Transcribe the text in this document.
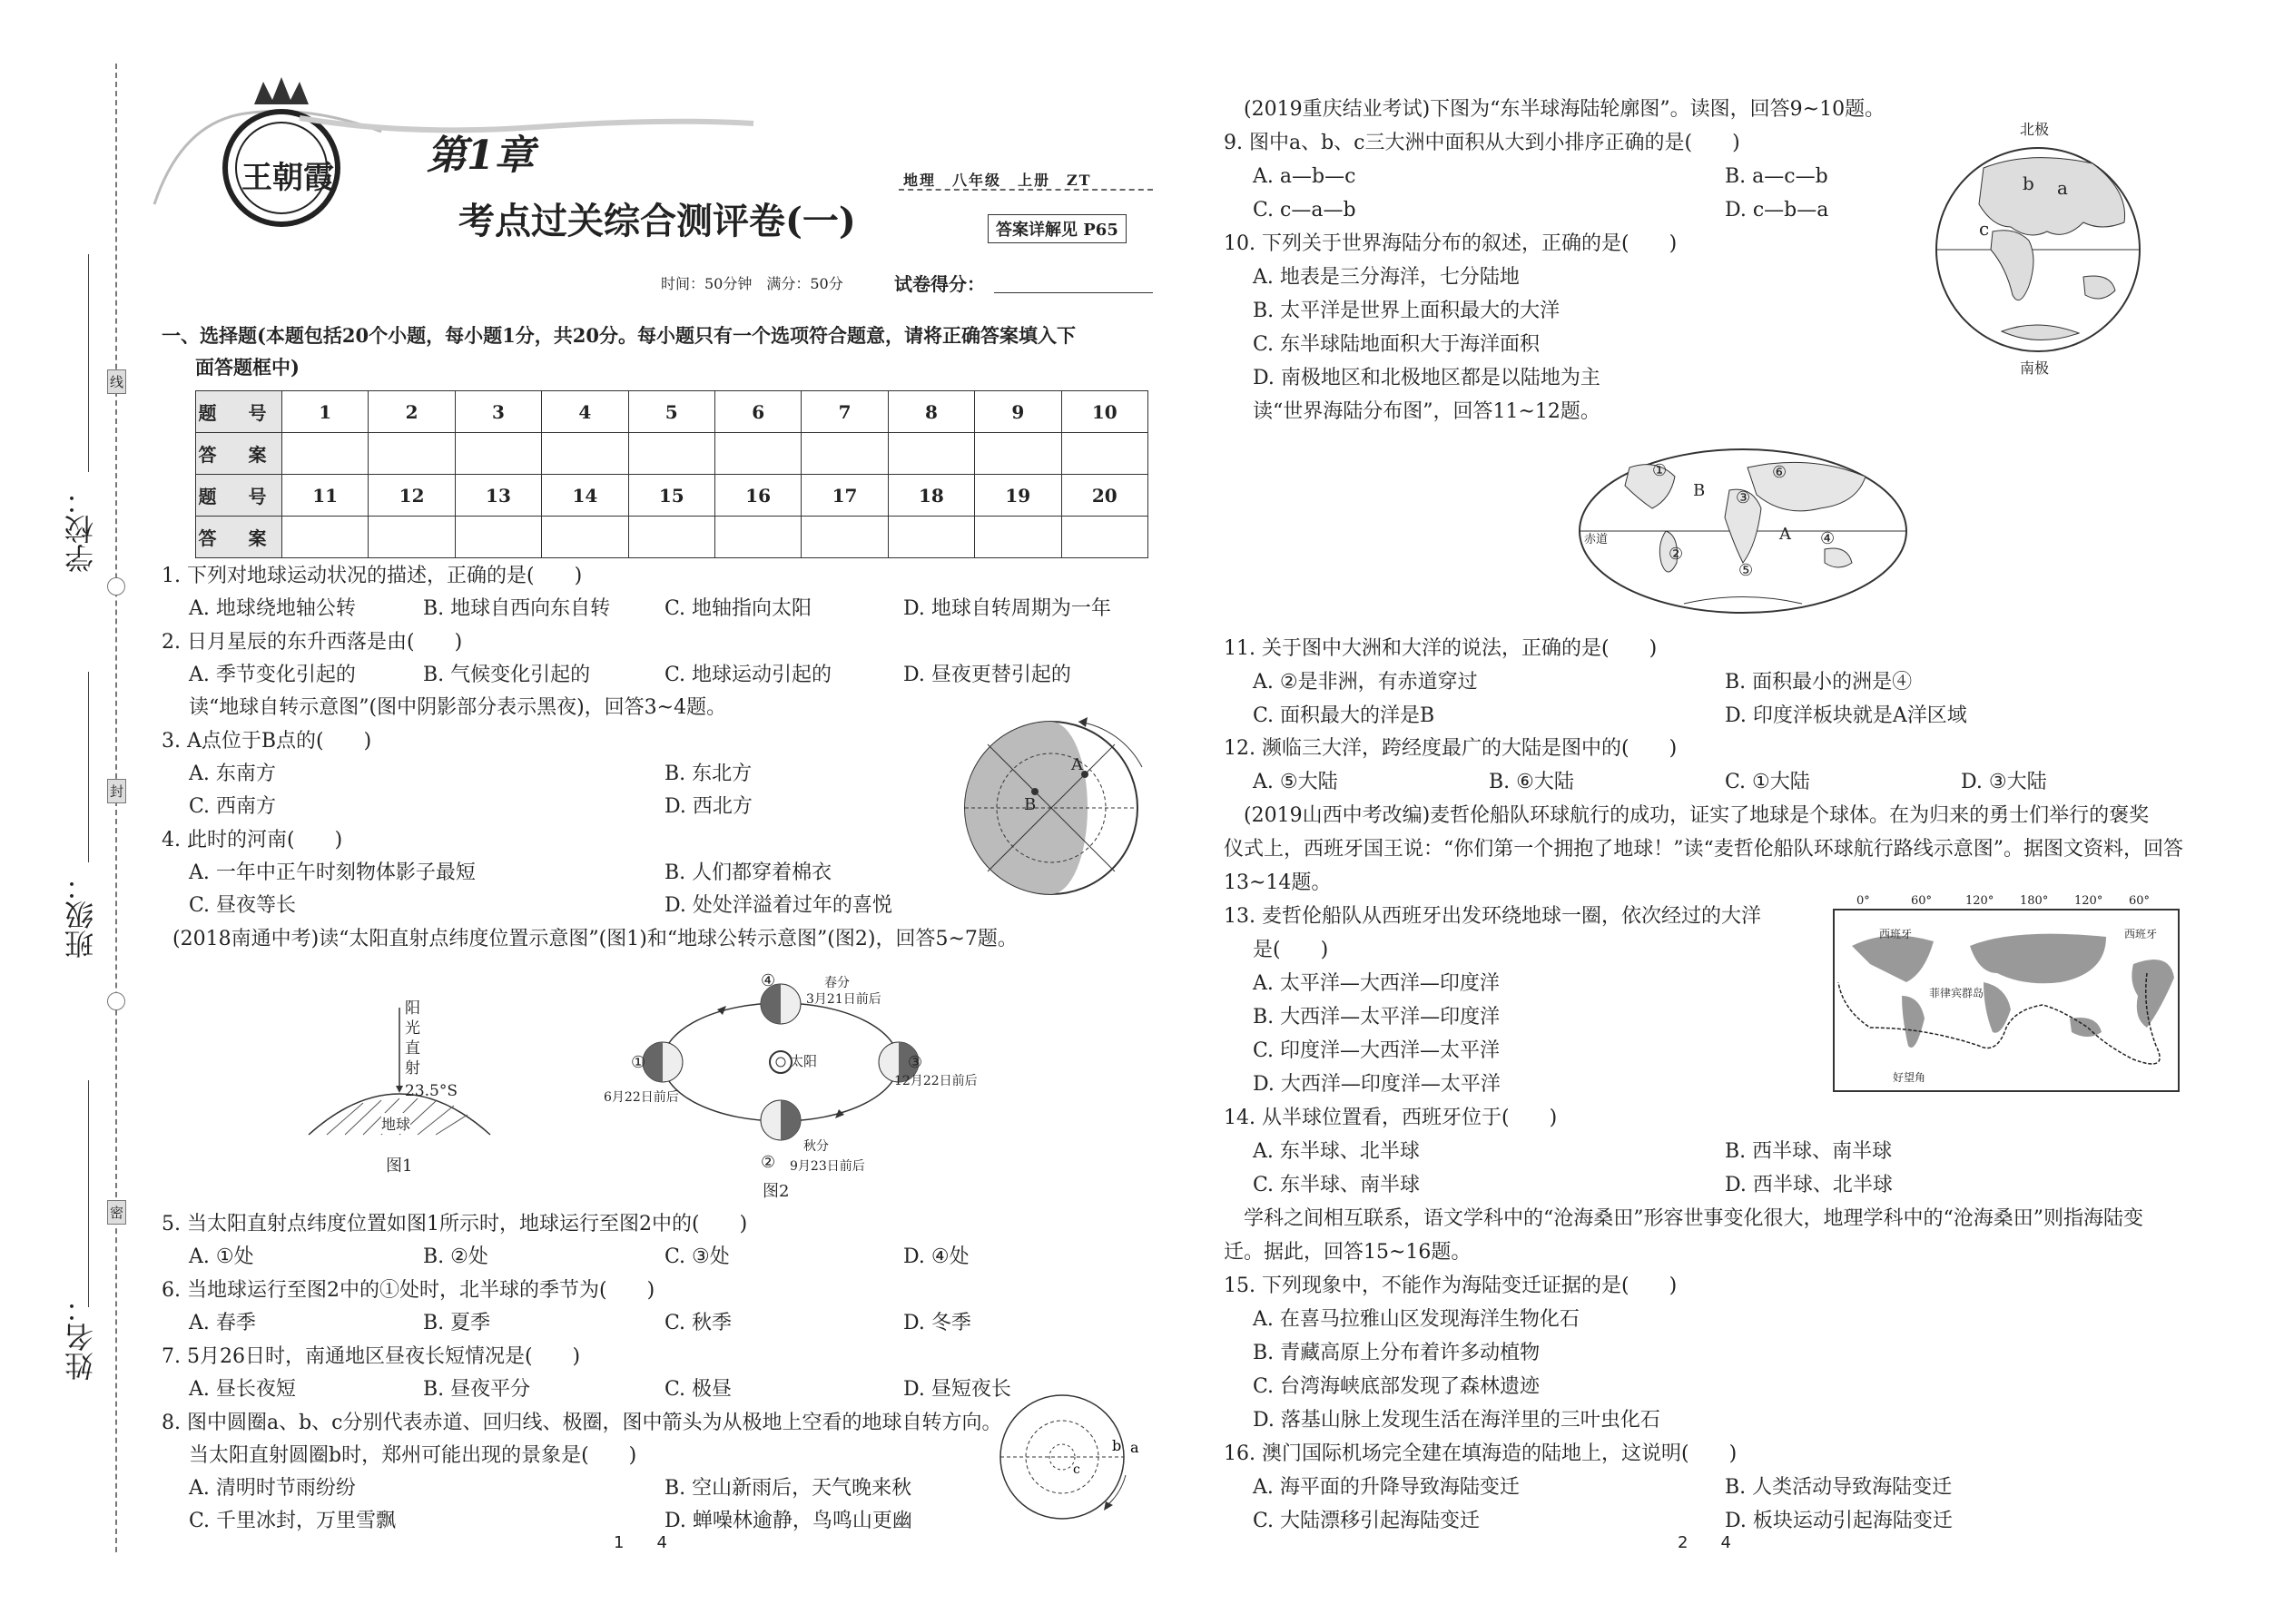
线
封
密
学校：
班级：
姓名：
王朝霞 第1章
考点过关综合测评卷(一)
地理　八年级　上册　ZT
答案详解见 P65
时间：50分钟　满分：50分	试卷得分：
一、选择题(本题包括20个小题，每小题1分，共20分。每小题只有一个选项符合题意，请将正确答案填入下
面答题框中)
题 号	1	2	3	4	5	6	7	8	9	10
答 案										
题 号	11	12	13	14	15	16	17	18	19	20
答 案										
1. 下列对地球运动状况的描述，正确的是(　　)
A. 地球绕地轴公转	B. 地球自西向东自转	C. 地轴指向太阳	D. 地球自转周期为一年
2. 日月星辰的东升西落是由(　　)
A. 季节变化引起的	B. 气候变化引起的	C. 地球运动引起的	D. 昼夜更替引起的
读“地球自转示意图”(图中阴影部分表示黑夜)，回答3~4题。
3. A点位于B点的(　　)
A. 东南方	B. 东北方
C. 西南方	D. 西北方
A
B
4. 此时的河南(　　)
A. 一年中正午时刻物体影子最短	B. 人们都穿着棉衣
C. 昼夜等长	D. 处处洋溢着过年的喜悦
(2018南通中考)读“太阳直射点纬度位置示意图”(图1)和“地球公转示意图”(图2)，回答5~7题。
阳
光
直
射
23.5°S
地球
图1
④
①
②
③
太阳
春分
3月21日前后
6月22日前后
12月22日前后
秋分
9月23日前后
图2
5. 当太阳直射点纬度位置如图1所示时，地球运行至图2中的(　　)
A. ①处	B. ②处	C. ③处	D. ④处
6. 当地球运行至图2中的①处时，北半球的季节为(　　)
A. 春季	B. 夏季	C. 秋季	D. 冬季
7. 5月26日时，南通地区昼夜长短情况是(　　)
A. 昼长夜短	B. 昼夜平分	C. 极昼	D. 昼短夜长
8. 图中圆圈a、b、c分别代表赤道、回归线、极圈，图中箭头为从极地上空看的地球自转方向。
当太阳直射圆圈b时，郑州可能出现的景象是(　　)
A. 清明时节雨纷纷	B. 空山新雨后，天气晚来秋
C. 千里冰封，万里雪飘	D. 蝉噪林逾静，鸟鸣山更幽
a
b
c
1　　4
(2019重庆结业考试)下图为“东半球海陆轮廓图”。读图，回答9~10题。
9. 图中a、b、c三大洲中面积从大到小排序正确的是(　　)
A. a—b—c	B. a—c—b
C. c—a—b	D. c—b—a
北极
南极
a
b
c
10. 下列关于世界海陆分布的叙述，正确的是(　　)
A. 地表是三分海洋，七分陆地
B. 太平洋是世界上面积最大的大洋
C. 东半球陆地面积大于海洋面积
D. 南极地区和北极地区都是以陆地为主
读“世界海陆分布图”，回答11~12题。
赤道
①
②
③
④
⑤
⑥
A
B
11. 关于图中大洲和大洋的说法，正确的是(　　)
A. ②是非洲，有赤道穿过	B. 面积最小的洲是④
C. 面积最大的洋是B	D. 印度洋板块就是A洋区域
12. 濒临三大洋，跨经度最广的大陆是图中的(　　)
A. ⑤大陆	B. ⑥大陆	C. ①大陆	D. ③大陆
(2019山西中考改编)麦哲伦船队环球航行的成功，证实了地球是个球体。在为归来的勇士们举行的褒奖
仪式上，西班牙国王说：“你们第一个拥抱了地球！”读“麦哲伦船队环球航行路线示意图”。据图文资料，回答
13~14题。
13. 麦哲伦船队从西班牙出发环绕地球一圈，依次经过的大洋
是(　　)
A. 太平洋—大西洋—印度洋
B. 大西洋—太平洋—印度洋
C. 印度洋—大西洋—太平洋
D. 大西洋—印度洋—太平洋
西班牙	西班牙
菲律宾群岛
好望角
0°	60°	120° 180° 120° 60°
14. 从半球位置看，西班牙位于(　　)
A. 东半球、北半球	B. 西半球、南半球
C. 东半球、南半球	D. 西半球、北半球
学科之间相互联系，语文学科中的“沧海桑田”形容世事变化很大，地理学科中的“沧海桑田”则指海陆变
迁。据此，回答15~16题。
15. 下列现象中，不能作为海陆变迁证据的是(　　)
A. 在喜马拉雅山区发现海洋生物化石
B. 青藏高原上分布着许多动植物
C. 台湾海峡底部发现了森林遗迹
D. 落基山脉上发现生活在海洋里的三叶虫化石
16. 澳门国际机场完全建在填海造的陆地上，这说明(　　)
A. 海平面的升降导致海陆变迁	B. 人类活动导致海陆变迁
C. 大陆漂移引起海陆变迁	D. 板块运动引起海陆变迁
2　　4
